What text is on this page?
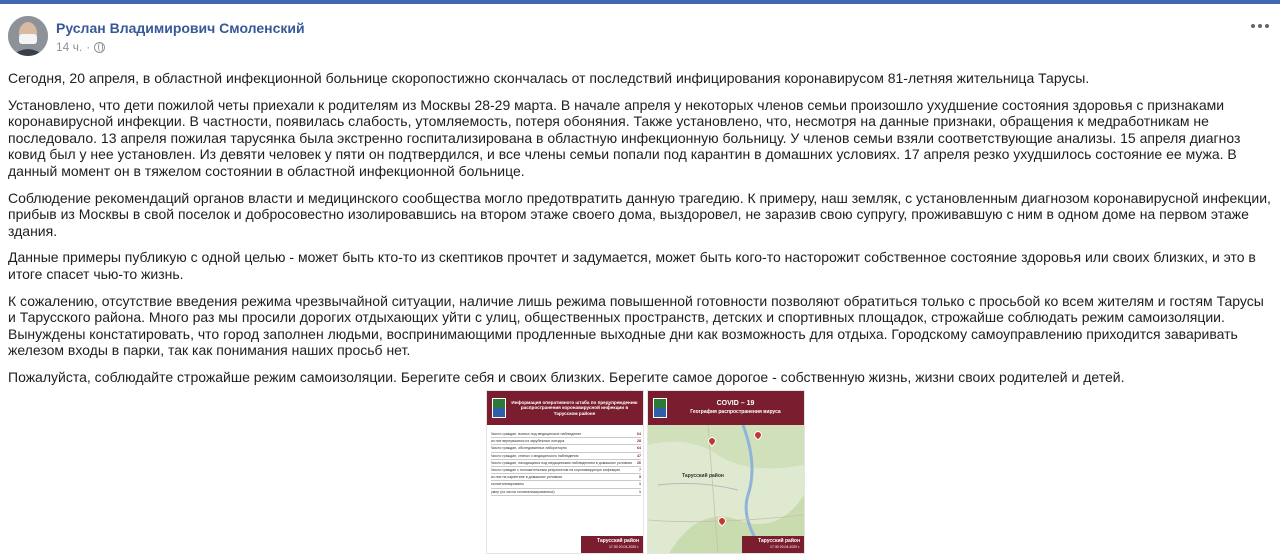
Руслан Владимирович Смоленский
14 ч. ·

Сегодня, 20 апреля, в областной инфекционной больнице скоропостижно скончалась от последствий инфицирования коронавирусом 81-летняя жительница Тарусы.

Установлено, что дети пожилой четы приехали к родителям из Москвы 28-29 марта. В начале апреля у некоторых членов семьи произошло ухудшение состояния здоровья с признаками коронавирусной инфекции. В частности, появилась слабость, утомляемость, потеря обоняния. Также установлено, что, несмотря на данные признаки, обращения к медработникам не последовало. 13 апреля пожилая тарусянка была экстренно госпитализирована в областную инфекционную больницу. У членов семьи взяли соответствующие анализы. 15 апреля диагноз ковид был у нее установлен. Из девяти человек у пяти он подтвердился, и все члены семьи попали под карантин в домашних условиях. 17 апреля резко ухудшилось состояние ее мужа. В данный момент он в тяжелом состоянии в областной инфекционной больнице.

Соблюдение рекомендаций органов власти и медицинского сообщества могло предотвратить данную трагедию. К примеру, наш земляк, с установленным диагнозом коронавирусной инфекции, прибыв из Москвы в свой поселок и добросовестно изолировавшись на втором этаже своего дома, выздоровел, не заразив свою супругу, проживавшую с ним в одном доме на первом этаже здания.

Данные примеры публикую с одной целью - может быть кто-то из скептиков прочтет и задумается, может быть кого-то насторожит собственное состояние здоровья или своих близких, и это в итоге спасет чью-то жизнь.

К сожалению, отсутствие введения режима чрезвычайной ситуации, наличие лишь режима повышенной готовности позволяют обратиться только с просьбой ко всем жителям и гостям Тарусы и Тарусского района. Много раз мы просили дорогих отдыхающих уйти с улиц, общественных пространств, детских и спортивных площадок, строжайше соблюдать режим самоизоляции. Вынуждены констатировать, что город заполнен людьми, воспринимающими продленные выходные дни как возможность для отдыха. Городскому самоуправлению приходится заваривать железом входы в парки, так как понимания наших просьб нет.

Пожалуйста, соблюдайте строжайше режим самоизоляции. Берегите себя и своих близких. Берегите самое дорогое - собственную жизнь, жизни своих родителей и детей.

Информация оперативного штаба по предупреждению распространения коронавирусной инфекции в Тарусском районе
Число граждан, взятых под медицинское наблюдение	64
из них вернувшихся из зарубежных поездок	28
Число граждан, обследованных лабораторно	64
Число граждан, снятых с медицинского наблюдения	47
Число граждан, находящихся под медицинским наблюдением в домашних условиях 26
Число граждан с положительным результатом на коронавирусную инфекцию	7
из них на карантине в домашних условиях	5
госпитализированы	1
умер (из числа госпитализированных)	1
Тарусский район
17:30 20.04.2020 г.
Тарусский район
COVID – 19
География распространения вируса
Тарусский район
17:30 20.04.2020 г.
